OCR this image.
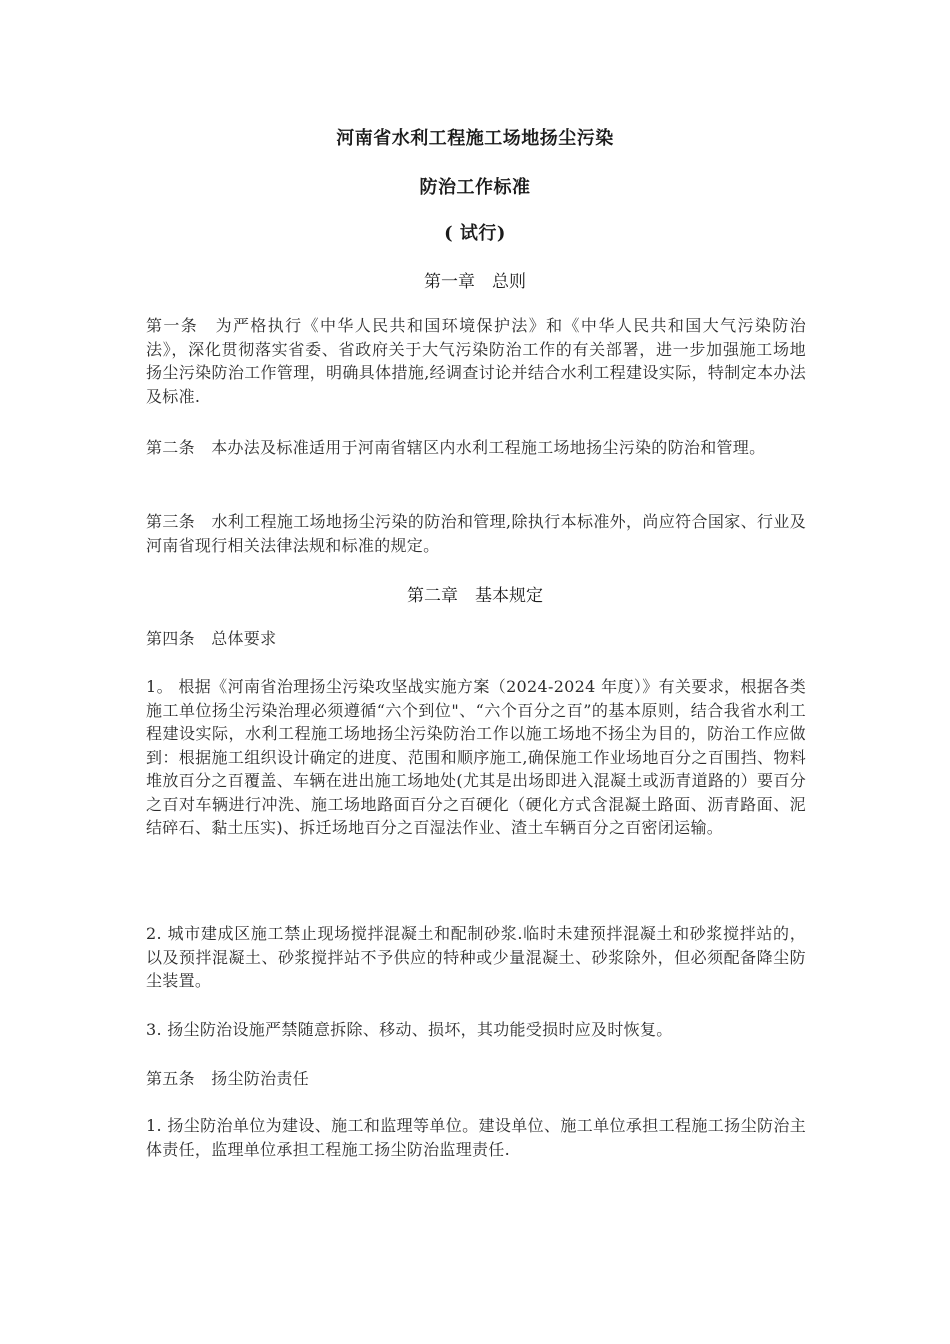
河南省水利工程施工场地扬尘污染

防治工作标准

( 试行)

第一章　总则

第一条　为严格执行《中华人民共和国环境保护法》和《中华人民共和国大气污染防治法》，深化贯彻落实省委、省政府关于大气污染防治工作的有关部署，进一步加强施工场地扬尘污染防治工作管理，明确具体措施,经调查讨论并结合水利工程建设实际，特制定本办法及标准.

第二条　本办法及标准适用于河南省辖区内水利工程施工场地扬尘污染的防治和管理。

第三条　水利工程施工场地扬尘污染的防治和管理,除执行本标准外，尚应符合国家、行业及河南省现行相关法律法规和标准的规定。

第二章　基本规定

第四条　总体要求

1。 根据《河南省治理扬尘污染攻坚战实施方案（2024-2024 年度）》有关要求，根据各类施工单位扬尘污染治理必须遵循“六个到位"、“六个百分之百”的基本原则，结合我省水利工程建设实际，水利工程施工场地扬尘污染防治工作以施工场地不扬尘为目的，防治工作应做到：根据施工组织设计确定的进度、范围和顺序施工,确保施工作业场地百分之百围挡、物料堆放百分之百覆盖、车辆在进出施工场地处(尤其是出场即进入混凝土或沥青道路的）要百分之百对车辆进行冲洗、施工场地路面百分之百硬化（硬化方式含混凝土路面、沥青路面、泥结碎石、黏土压实)、拆迁场地百分之百湿法作业、渣土车辆百分之百密闭运输。

2. 城市建成区施工禁止现场搅拌混凝土和配制砂浆.临时未建预拌混凝土和砂浆搅拌站的，以及预拌混凝土、砂浆搅拌站不予供应的特种或少量混凝土、砂浆除外，但必须配备降尘防尘装置。

3. 扬尘防治设施严禁随意拆除、移动、损坏，其功能受损时应及时恢复。

第五条　扬尘防治责任

1. 扬尘防治单位为建设、施工和监理等单位。建设单位、施工单位承担工程施工扬尘防治主体责任，监理单位承担工程施工扬尘防治监理责任.
